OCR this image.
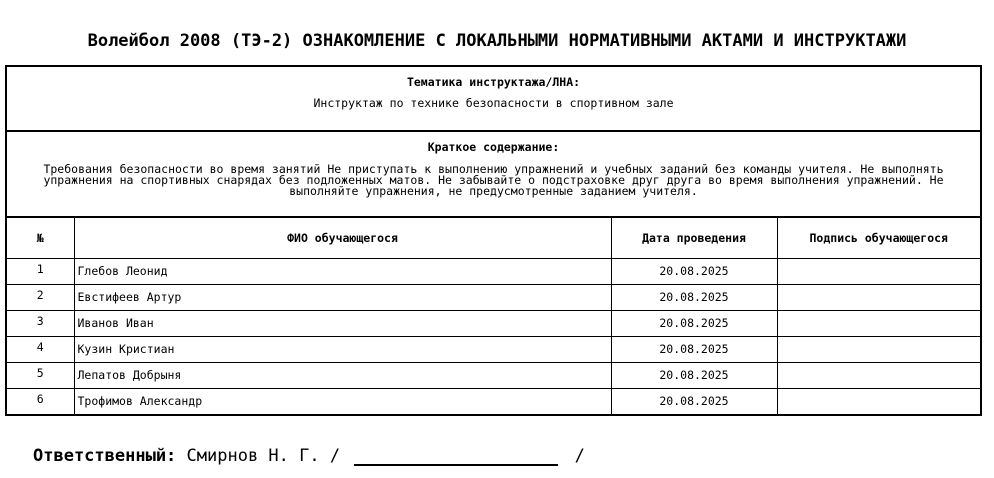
Волейбол 2008 (ТЭ-2) ОЗНАКОМЛЕНИЕ С ЛОКАЛЬНЫМИ НОРМАТИВНЫМИ АКТАМИ И ИНСТРУКТАЖИ
Тематика инструктажа/ЛНА:
Инструктаж по технике безопасности в спортивном зале
Краткое содержание:
Требования безопасности во время занятий Не приступать к выполнению упражнений и учебных заданий без команды учителя. Не выполнять упражнения на спортивных снарядах без подложенных матов. Не забывайте о подстраховке друг друга во время выполнения упражнений. Не выполняйте упражнения, не предусмотренные заданием учителя.
№	ФИО обучающегося	Дата проведения	Подпись обучающегося
1	Глебов Леонид	20.08.2025	
2	Евстифеев Артур	20.08.2025	
3	Иванов Иван	20.08.2025	
4	Кузин Кристиан	20.08.2025	
5	Лепатов Добрыня	20.08.2025	
6	Трофимов Александр	20.08.2025	
Ответственный: Смирнов Н. Г. /	/
